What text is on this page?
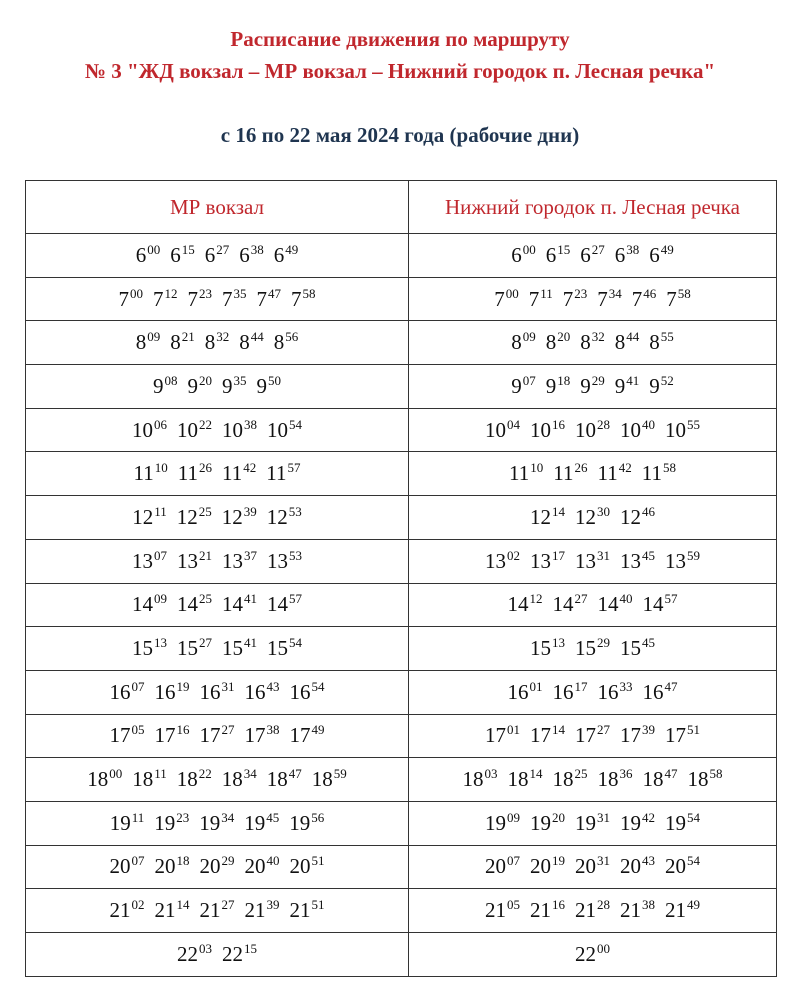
Расписание движения по маршруту
№ 3 "ЖД вокзал – МР вокзал – Нижний городок п. Лесная речка"
с 16 по 22 мая 2024 года (рабочие дни)
МР вокзал	Нижний городок п. Лесная речка
$6^{00}$ $6^{15}$ $6^{27}$ $6^{38}$ $6^{49}$	$6^{00}$ $6^{15}$ $6^{27}$ $6^{38}$ $6^{49}$
$7^{00}$ $7^{12}$ $7^{23}$ $7^{35}$ $7^{47}$ $7^{58}$	$7^{00}$ $7^{11}$ $7^{23}$ $7^{34}$ $7^{46}$ $7^{58}$
$8^{09}$ $8^{21}$ $8^{32}$ $8^{44}$ $8^{56}$	$8^{09}$ $8^{20}$ $8^{32}$ $8^{44}$ $8^{55}$
$9^{08}$ $9^{20}$ $9^{35}$ $9^{50}$	$9^{07}$ $9^{18}$ $9^{29}$ $9^{41}$ $9^{52}$
$10^{06}$ $10^{22}$ $10^{38}$ $10^{54}$	$10^{04}$ $10^{16}$ $10^{28}$ $10^{40}$ $10^{55}$
$11^{10}$ $11^{26}$ $11^{42}$ $11^{57}$	$11^{10}$ $11^{26}$ $11^{42}$ $11^{58}$
$12^{11}$ $12^{25}$ $12^{39}$ $12^{53}$	$12^{14}$ $12^{30}$ $12^{46}$
$13^{07}$ $13^{21}$ $13^{37}$ $13^{53}$	$13^{02}$ $13^{17}$ $13^{31}$ $13^{45}$ $13^{59}$
$14^{09}$ $14^{25}$ $14^{41}$ $14^{57}$	$14^{12}$ $14^{27}$ $14^{40}$ $14^{57}$
$15^{13}$ $15^{27}$ $15^{41}$ $15^{54}$	$15^{13}$ $15^{29}$ $15^{45}$
$16^{07}$ $16^{19}$ $16^{31}$ $16^{43}$ $16^{54}$	$16^{01}$ $16^{17}$ $16^{33}$ $16^{47}$
$17^{05}$ $17^{16}$ $17^{27}$ $17^{38}$ $17^{49}$	$17^{01}$ $17^{14}$ $17^{27}$ $17^{39}$ $17^{51}$
$18^{00}$ $18^{11}$ $18^{22}$ $18^{34}$ $18^{47}$ $18^{59}$	$18^{03}$ $18^{14}$ $18^{25}$ $18^{36}$ $18^{47}$ $18^{58}$
$19^{11}$ $19^{23}$ $19^{34}$ $19^{45}$ $19^{56}$	$19^{09}$ $19^{20}$ $19^{31}$ $19^{42}$ $19^{54}$
$20^{07}$ $20^{18}$ $20^{29}$ $20^{40}$ $20^{51}$	$20^{07}$ $20^{19}$ $20^{31}$ $20^{43}$ $20^{54}$
$21^{02}$ $21^{14}$ $21^{27}$ $21^{39}$ $21^{51}$	$21^{05}$ $21^{16}$ $21^{28}$ $21^{38}$ $21^{49}$
$22^{03}$ $22^{15}$	$22^{00}$
